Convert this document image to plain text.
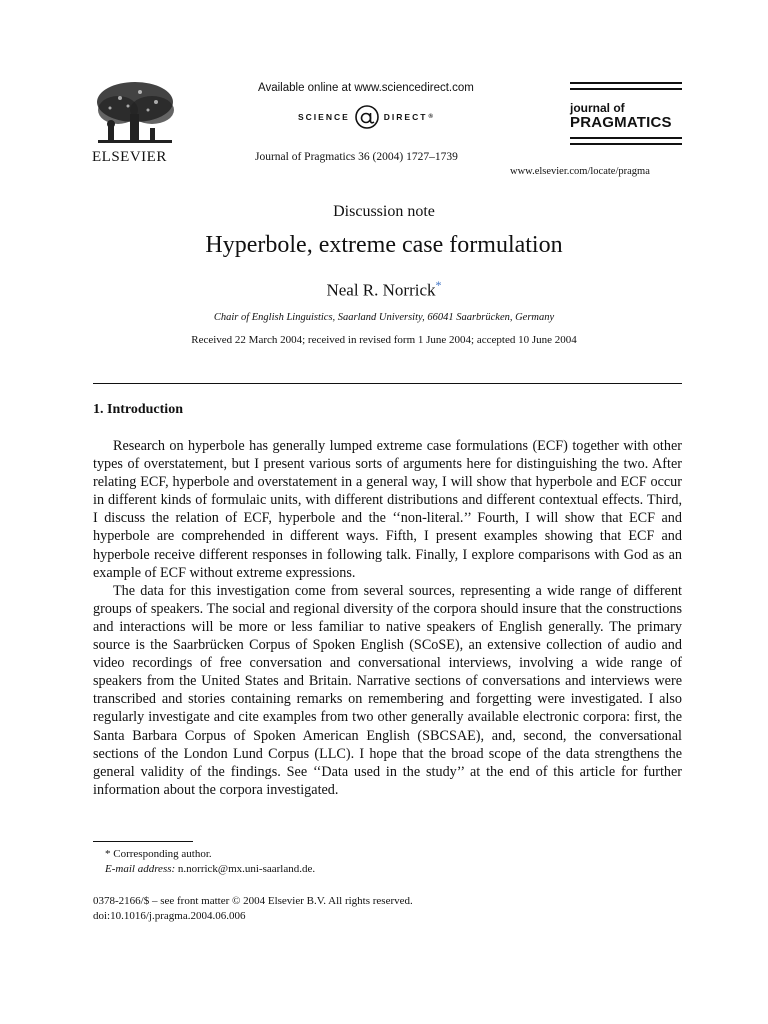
ELSEVIER
Available online at www.sciencedirect.com
SCIENCE	DIRECT ®
Journal of Pragmatics 36 (2004) 1727–1739
journal of
PRAGMATICS
www.elsevier.com/locate/pragma
Discussion note
Hyperbole, extreme case formulation
Neal R. Norrick*
Chair of English Linguistics, Saarland University, 66041 Saarbrücken, Germany
Received 22 March 2004; received in revised form 1 June 2004; accepted 10 June 2004
1. Introduction

Research on hyperbole has generally lumped extreme case formulations (ECF) together with other types of overstatement, but I present various sorts of arguments here for distinguishing the two. After relating ECF, hyperbole and overstatement in a general way, I will show that hyperbole and ECF occur in different kinds of formulaic units, with different distributions and different contextual effects. Third, I discuss the relation of ECF, hyperbole and the ‘‘non-literal.’’ Fourth, I will show that ECF and hyperbole are comprehended in different ways. Fifth, I present examples showing that ECF and hyperbole receive different responses in following talk. Finally, I explore comparisons with God as an example of ECF without extreme expressions.

The data for this investigation come from several sources, representing a wide range of different groups of speakers. The social and regional diversity of the corpora should insure that the constructions and interactions will be more or less familiar to native speakers of English generally. The primary source is the Saarbrücken Corpus of Spoken English (SCoSE), an extensive collection of audio and video recordings of free conversation and conversational interviews, involving a wide range of speakers from the United States and Britain. Narrative sections of conversations and interviews were transcribed and stories containing remarks on remembering and forgetting were investigated. I also regularly investigate and cite examples from two other generally available electronic corpora: first, the Santa Barbara Corpus of Spoken American English (SBCSAE), and, second, the conversational sections of the London Lund Corpus (LLC). I hope that the broad scope of the data strengthens the general validity of the findings. See ‘‘Data used in the study’’ at the end of this article for further information about the corpora investigated.

* Corresponding author.
E-mail address: n.norrick@mx.uni-saarland.de.
0378-2166/$ – see front matter © 2004 Elsevier B.V. All rights reserved.
doi:10.1016/j.pragma.2004.06.006
